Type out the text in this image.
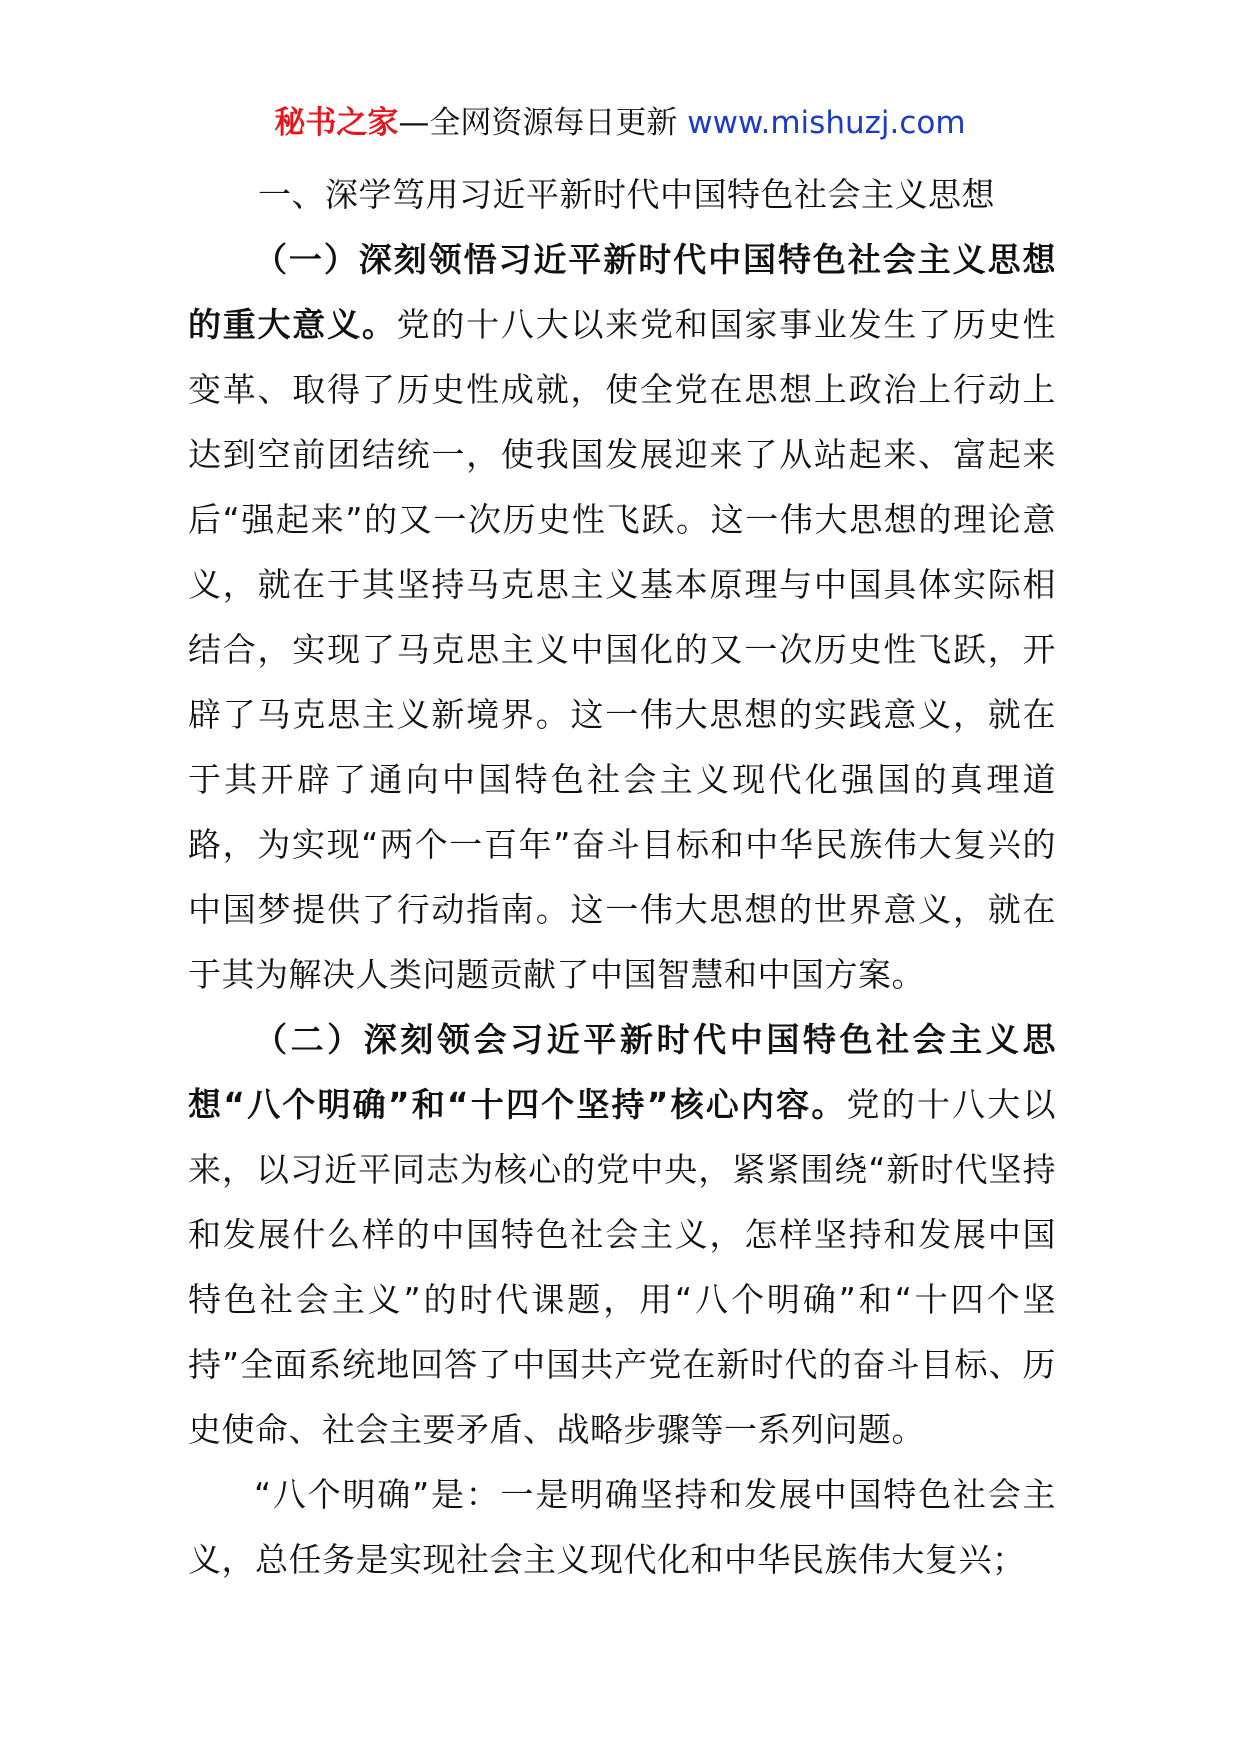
秘书之家—全网资源每日更新 www.mishuzj.com

一、深学笃用习近平新时代中国特色社会主义思想

（一）深刻领悟习近平新时代中国特色社会主义思想的重大意义。党的十八大以来党和国家事业发生了历史性变革、取得了历史性成就，使全党在思想上政治上行动上达到空前团结统一，使我国发展迎来了从站起来、富起来后“强起来”的又一次历史性飞跃。这一伟大思想的理论意义，就在于其坚持马克思主义基本原理与中国具体实际相结合，实现了马克思主义中国化的又一次历史性飞跃，开辟了马克思主义新境界。这一伟大思想的实践意义，就在于其开辟了通向中国特色社会主义现代化强国的真理道路，为实现“两个一百年”奋斗目标和中华民族伟大复兴的中国梦提供了行动指南。这一伟大思想的世界意义，就在于其为解决人类问题贡献了中国智慧和中国方案。

（二）深刻领会习近平新时代中国特色社会主义思想“八个明确”和“十四个坚持”核心内容。党的十八大以来，以习近平同志为核心的党中央，紧紧围绕“新时代坚持和发展什么样的中国特色社会主义，怎样坚持和发展中国特色社会主义”的时代课题，用“八个明确”和“十四个坚持”全面系统地回答了中国共产党在新时代的奋斗目标、历史使命、社会主要矛盾、战略步骤等一系列问题。

“八个明确”是：一是明确坚持和发展中国特色社会主义，总任务是实现社会主义现代化和中华民族伟大复兴；
